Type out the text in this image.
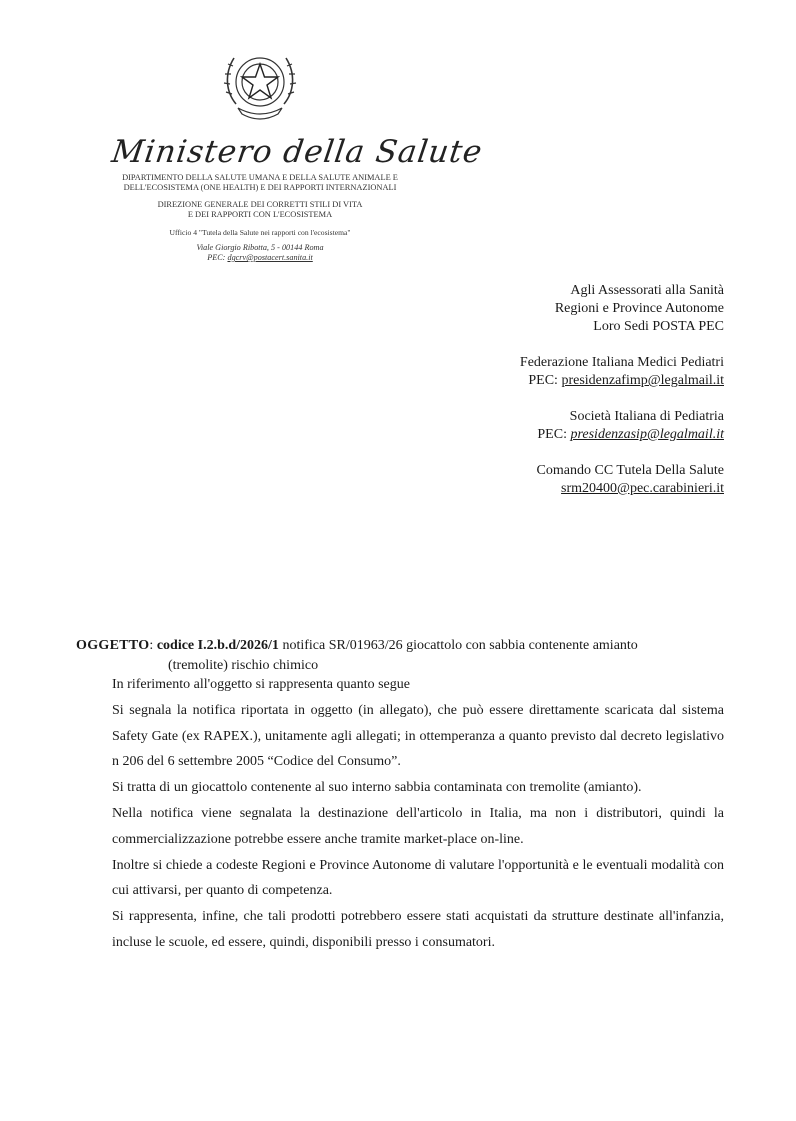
Ministero della Salute
DIPARTIMENTO DELLA SALUTE UMANA E DELLA SALUTE ANIMALE E
DELL'ECOSISTEMA (ONE HEALTH) E DEI RAPPORTI INTERNAZIONALI
DIREZIONE GENERALE DEI CORRETTI STILI DI VITA
E DEI RAPPORTI CON L'ECOSISTEMA
Ufficio 4 "Tutela della Salute nei rapporti con l'ecosistema"
Viale Giorgio Ribotta, 5 - 00144 Roma
PEC: dgcrv@postacert.sanita.it
Agli Assessorati alla Sanità
Regioni e Province Autonome
Loro Sedi POSTA PEC
Federazione Italiana Medici Pediatri
PEC: presidenzafimp@legalmail.it
Società Italiana di Pediatria
PEC: presidenzasip@legalmail.it
Comando CC Tutela Della Salute
srm20400@pec.carabinieri.it
OGGETTO: codice I.2.b.d/2026/1 notifica SR/01963/26 giocattolo con sabbia contenente amianto
(tremolite) rischio chimico

In riferimento all'oggetto si rappresenta quanto segue

Si segnala la notifica riportata in oggetto (in allegato), che può essere direttamente scaricata dal sistema Safety Gate (ex RAPEX.), unitamente agli allegati; in ottemperanza a quanto previsto dal decreto legislativo n 206 del 6 settembre 2005 “Codice del Consumo”.

Si tratta di un giocattolo contenente al suo interno sabbia contaminata con tremolite (amianto).

Nella notifica viene segnalata la destinazione dell'articolo in Italia, ma non i distributori, quindi la commercializzazione potrebbe essere anche tramite market-place on-line.

Inoltre si chiede a codeste Regioni e Province Autonome di valutare l'opportunità e le eventuali modalità con cui attivarsi, per quanto di competenza.

Si rappresenta, infine, che tali prodotti potrebbero essere stati acquistati da strutture destinate all'infanzia, incluse le scuole, ed essere, quindi, disponibili presso i consumatori.
